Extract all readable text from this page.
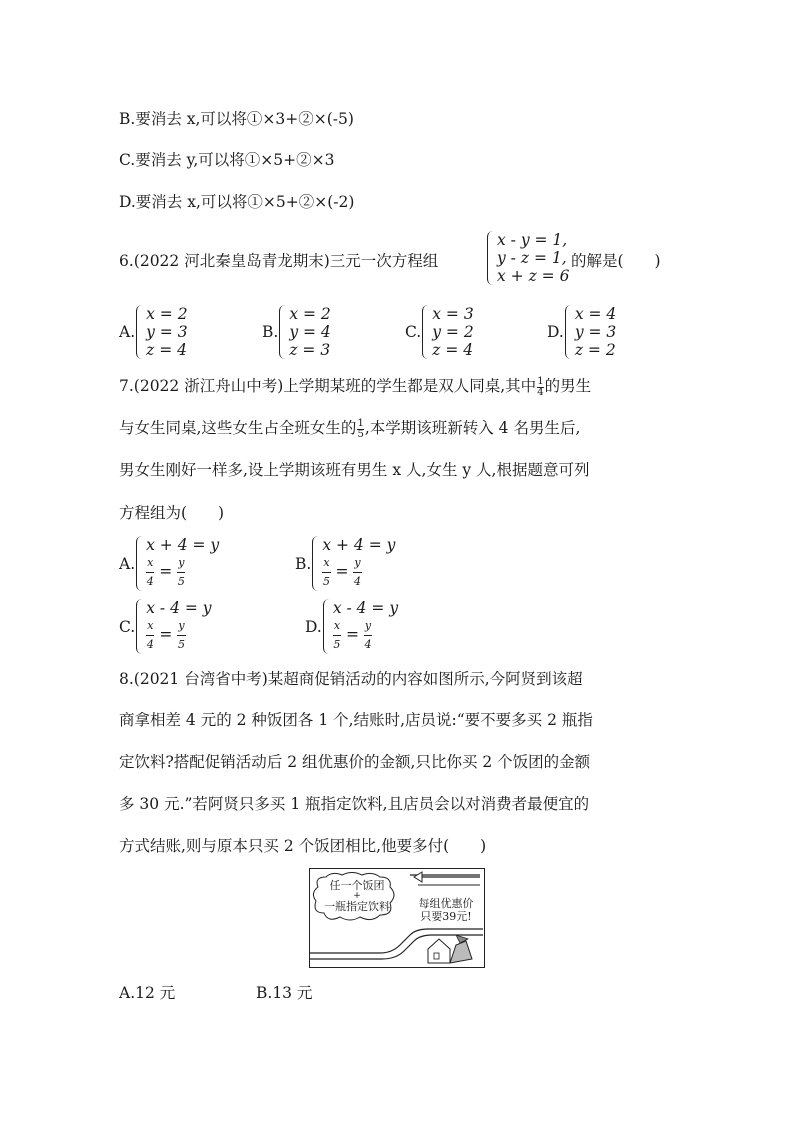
B.要消去 x,可以将①×3+②×(-5)
C.要消去 y,可以将①×5+②×3
D.要消去 x,可以将①×5+②×(-2)
6.(2022 河北秦皇岛青龙期末)三元一次方程组
x - y = 1,
y - z = 1,
x + z = 6
的解是(　　)
A.
x = 2
y = 3
z = 4
B.
x = 2
y = 4
z = 3
C.
x = 3
y = 2
z = 4
D.
x = 4
y = 3
z = 2
7.(2022 浙江舟山中考)上学期某班的学生都是双人同桌,其中 $\frac{1}{4}$ 的男生
与女生同桌,这些女生占全班女生的 $\frac{1}{5}$ ,本学期该班新转入 4 名男生后,
男女生刚好一样多,设上学期该班有男生 x 人,女生 y 人,根据题意可列
方程组为(　　)
A.
x + 4 = y
$\frac{x}{4} = \frac{y}{5}$	B.
x + 4 = y
$\frac{x}{5} = \frac{y}{4}$
C.
x - 4 = y
$\frac{x}{4} = \frac{y}{5}$	D.
x - 4 = y
$\frac{x}{5} = \frac{y}{4}$
8.(2021 台湾省中考)某超商促销活动的内容如图所示,今阿贤到该超
商拿相差 4 元的 2 种饭团各 1 个,结账时,店员说:“要不要多买 2 瓶指
定饮料?搭配促销活动后 2 组优惠价的金额,只比你买 2 个饭团的金额
多 30 元.”若阿贤只多买 1 瓶指定饮料,且店员会以对消费者最便宜的
方式结账,则与原本只买 2 个饭团相比,他要多付(　　)
任一个饭团
+
一瓶指定饮料	每组优惠价
只要39元!
A.12 元	B.13 元
